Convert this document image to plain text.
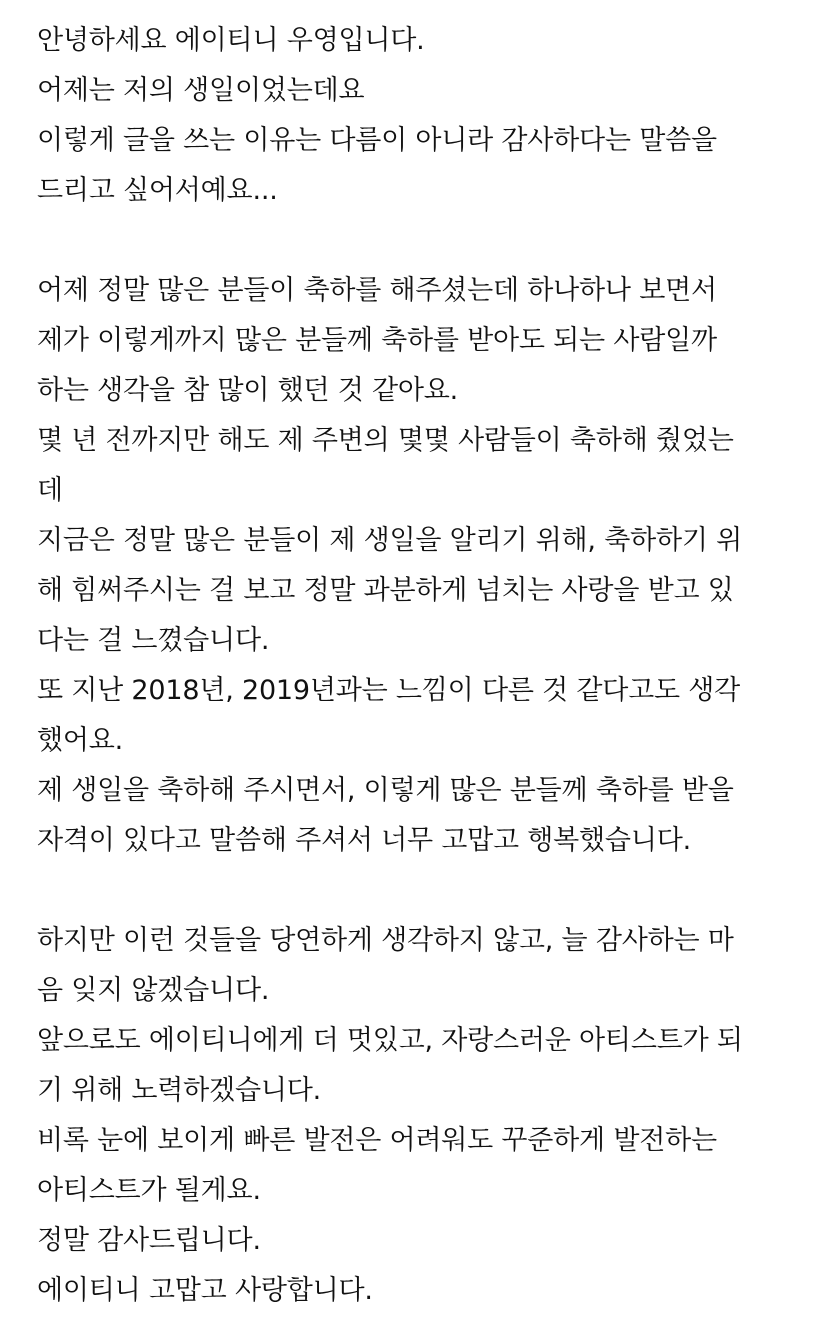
안녕하세요 에이티니 우영입니다.
어제는 저의 생일이었는데요
이렇게 글을 쓰는 이유는 다름이 아니라 감사하다는 말씀을
드리고 싶어서예요...
어제 정말 많은 분들이 축하를 해주셨는데 하나하나 보면서
제가 이렇게까지 많은 분들께 축하를 받아도 되는 사람일까
하는 생각을 참 많이 했던 것 같아요.
몇 년 전까지만 해도 제 주변의 몇몇 사람들이 축하해 줬었는
데
지금은 정말 많은 분들이 제 생일을 알리기 위해, 축하하기 위
해 힘써주시는 걸 보고 정말 과분하게 넘치는 사랑을 받고 있
다는 걸 느꼈습니다.
또 지난 2018년, 2019년과는 느낌이 다른 것 같다고도 생각
했어요.
제 생일을 축하해 주시면서, 이렇게 많은 분들께 축하를 받을
자격이 있다고 말씀해 주셔서 너무 고맙고 행복했습니다.
하지만 이런 것들을 당연하게 생각하지 않고, 늘 감사하는 마
음 잊지 않겠습니다.
앞으로도 에이티니에게 더 멋있고, 자랑스러운 아티스트가 되
기 위해 노력하겠습니다.
비록 눈에 보이게 빠른 발전은 어려워도 꾸준하게 발전하는
아티스트가 될게요.
정말 감사드립니다.
에이티니 고맙고 사랑합니다.
